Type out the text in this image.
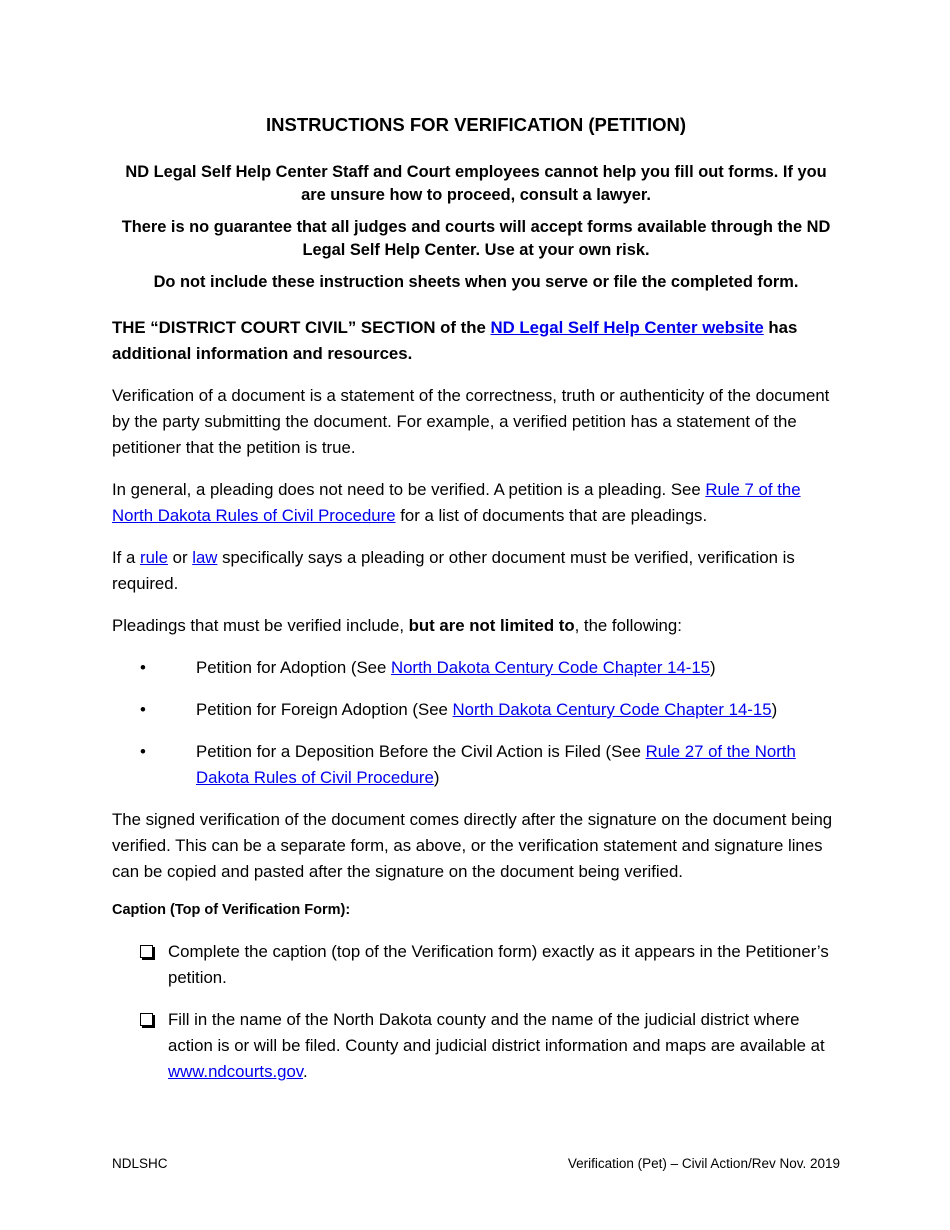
INSTRUCTIONS FOR VERIFICATION (PETITION)

ND Legal Self Help Center Staff and Court employees cannot help you fill out forms. If you are unsure how to proceed, consult a lawyer.

There is no guarantee that all judges and courts will accept forms available through the ND Legal Self Help Center. Use at your own risk.

Do not include these instruction sheets when you serve or file the completed form.

THE “DISTRICT COURT CIVIL” SECTION of the ND Legal Self Help Center website has additional information and resources.

Verification of a document is a statement of the correctness, truth or authenticity of the document by the party submitting the document. For example, a verified petition has a statement of the petitioner that the petition is true.

In general, a pleading does not need to be verified. A petition is a pleading. See Rule 7 of the North Dakota Rules of Civil Procedure for a list of documents that are pleadings.

If a rule or law specifically says a pleading or other document must be verified, verification is required.

Pleadings that must be verified include, but are not limited to, the following:

•	Petition for Adoption (See North Dakota Century Code Chapter 14-15)
•	Petition for Foreign Adoption (See North Dakota Century Code Chapter 14-15)
•	Petition for a Deposition Before the Civil Action is Filed (See Rule 27 of the North Dakota Rules of Civil Procedure)

The signed verification of the document comes directly after the signature on the document being verified. This can be a separate form, as above, or the verification statement and signature lines can be copied and pasted after the signature on the document being verified.

Caption (Top of Verification Form):

Complete the caption (top of the Verification form) exactly as it appears in the Petitioner’s petition.
Fill in the name of the North Dakota county and the name of the judicial district where action is or will be filed. County and judicial district information and maps are available at www.ndcourts.gov.
NDLSHC	Verification (Pet) – Civil Action/Rev Nov. 2019
